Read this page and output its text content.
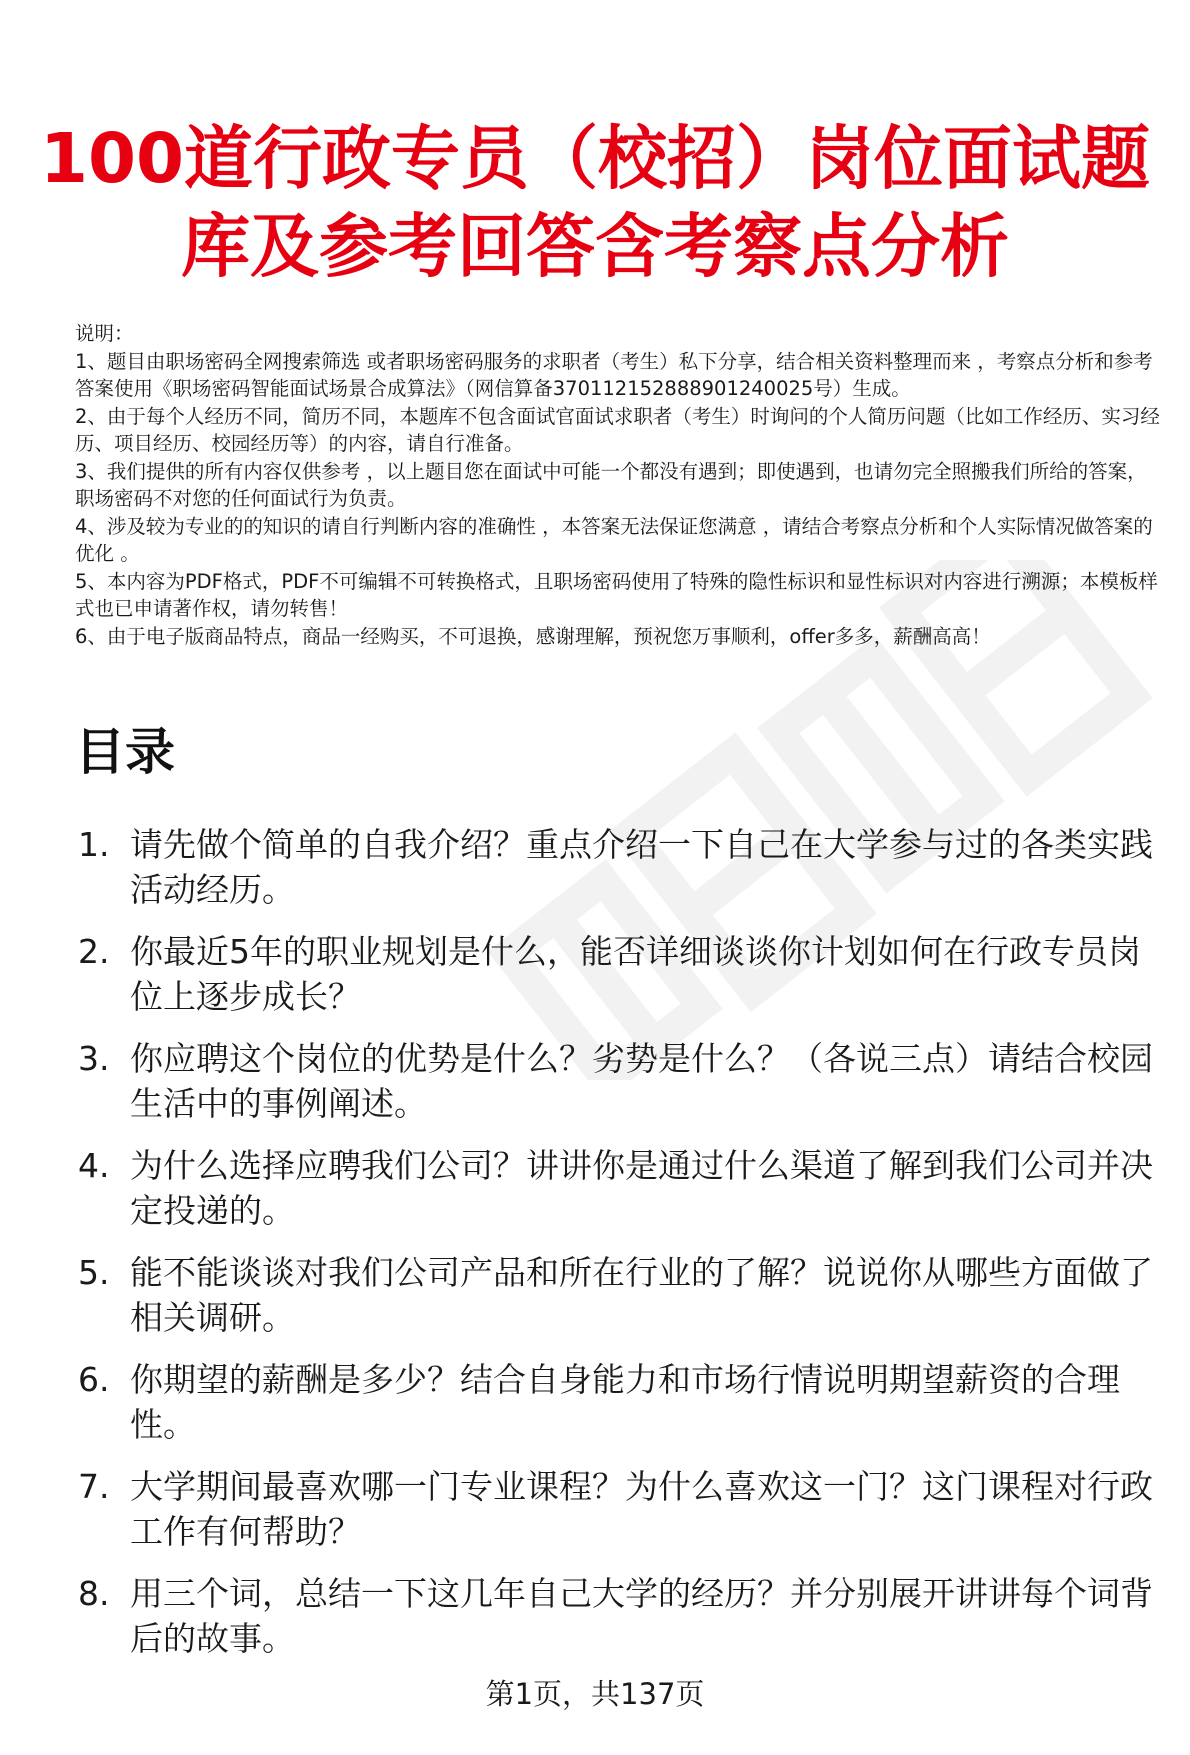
100道行政专员（校招）岗位面试题
库及参考回答含考察点分析

说明：

1、题目由职场密码全网搜索筛选 或者职场密码服务的求职者（考生）私下分享，结合相关资料整理而来 ，考察点分析和参考答案使用《职场密码智能面试场景合成算法》（网信算备370112152888901240025号）生成。

2、由于每个人经历不同，简历不同，本题库不包含面试官面试求职者（考生）时询问的个人简历问题（比如工作经历、实习经历、项目经历、校园经历等）的内容，请自行准备。

3、我们提供的所有内容仅供参考 ，以上题目您在面试中可能一个都没有遇到；即使遇到，也请勿完全照搬我们所给的答案，职场密码不对您的任何面试行为负责。

4、涉及较为专业的的知识的请自行判断内容的准确性 ，本答案无法保证您满意 ，请结合考察点分析和个人实际情况做答案的优化 。

5、本内容为PDF格式，PDF不可编辑不可转换格式，且职场密码使用了特殊的隐性标识和显性标识对内容进行溯源；本模板样式也已申请著作权，请勿转售！

6、由于电子版商品特点，商品一经购买，不可退换，感谢理解，预祝您万事顺利，offer多多，薪酬高高！

目录
1. 请先做个简单的自我介绍？重点介绍一下自己在大学参与过的各类实践活动经历。
2. 你最近5年的职业规划是什么，能否详细谈谈你计划如何在行政专员岗位上逐步成长？
3. 你应聘这个岗位的优势是什么？劣势是什么？（各说三点）请结合校园生活中的事例阐述。
4. 为什么选择应聘我们公司？讲讲你是通过什么渠道了解到我们公司并决定投递的。
5. 能不能谈谈对我们公司产品和所在行业的了解？说说你从哪些方面做了相关调研。
6. 你期望的薪酬是多少？结合自身能力和市场行情说明期望薪资的合理性。
7. 大学期间最喜欢哪一门专业课程？为什么喜欢这一门？这门课程对行政工作有何帮助？
8. 用三个词，总结一下这几年自己大学的经历？并分别展开讲讲每个词背后的故事。
第1页，共137页
